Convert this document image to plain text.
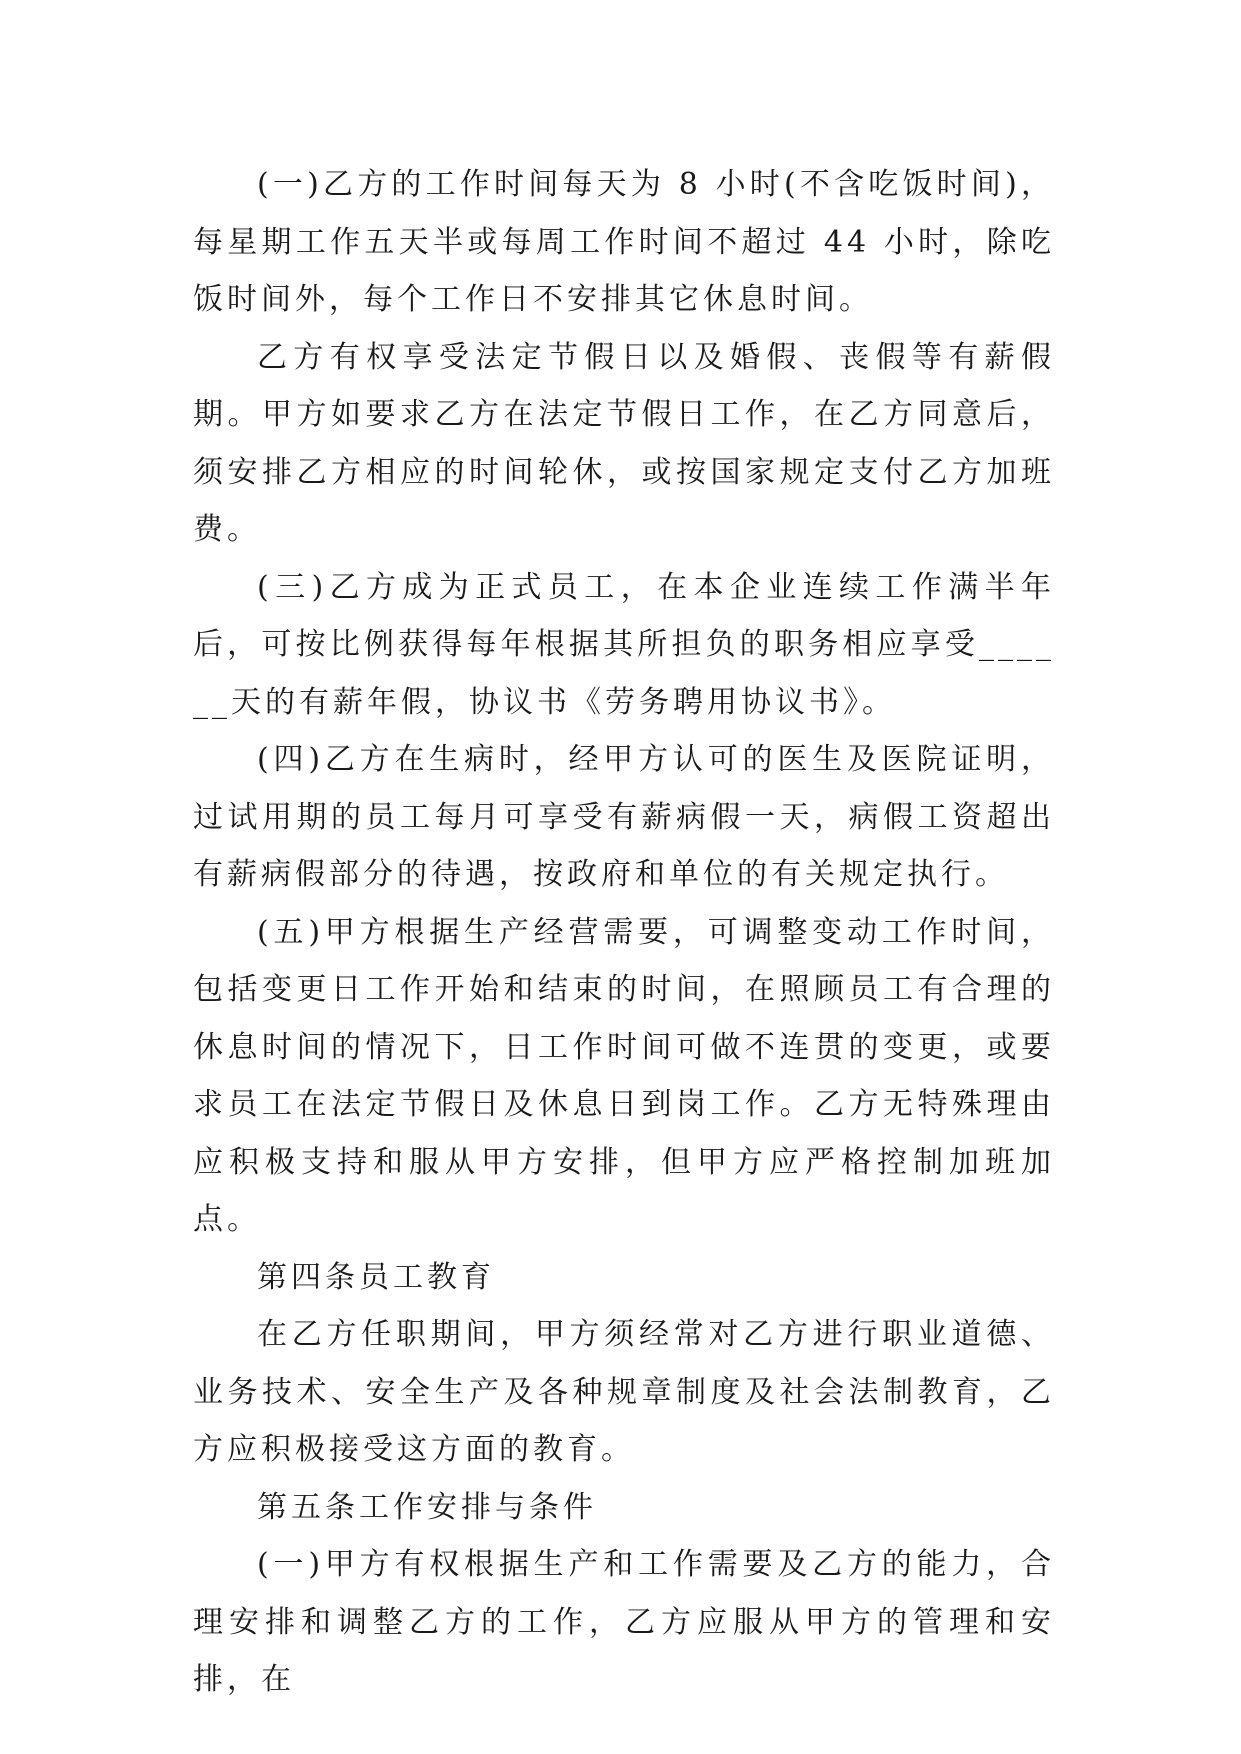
(一)乙方的工作时间每天为 8 小时(不含吃饭时间)，每星期工作五天半或每周工作时间不超过 44 小时，除吃饭时间外，每个工作日不安排其它休息时间。

乙方有权享受法定节假日以及婚假、丧假等有薪假期。甲方如要求乙方在法定节假日工作，在乙方同意后，须安排乙方相应的时间轮休，或按国家规定支付乙方加班费。

(三)乙方成为正式员工，在本企业连续工作满半年后，可按比例获得每年根据其所担负的职务相应享受______天的有薪年假，协议书《劳务聘用协议书》。

(四)乙方在生病时，经甲方认可的医生及医院证明，过试用期的员工每月可享受有薪病假一天，病假工资超出有薪病假部分的待遇，按政府和单位的有关规定执行。

(五)甲方根据生产经营需要，可调整变动工作时间，包括变更日工作开始和结束的时间，在照顾员工有合理的休息时间的情况下，日工作时间可做不连贯的变更，或要求员工在法定节假日及休息日到岗工作。乙方无特殊理由应积极支持和服从甲方安排，但甲方应严格控制加班加点。

第四条员工教育

在乙方任职期间，甲方须经常对乙方进行职业道德、业务技术、安全生产及各种规章制度及社会法制教育，乙方应积极接受这方面的教育。

第五条工作安排与条件

(一)甲方有权根据生产和工作需要及乙方的能力，合理安排和调整乙方的工作，乙方应服从甲方的管理和安排，在
